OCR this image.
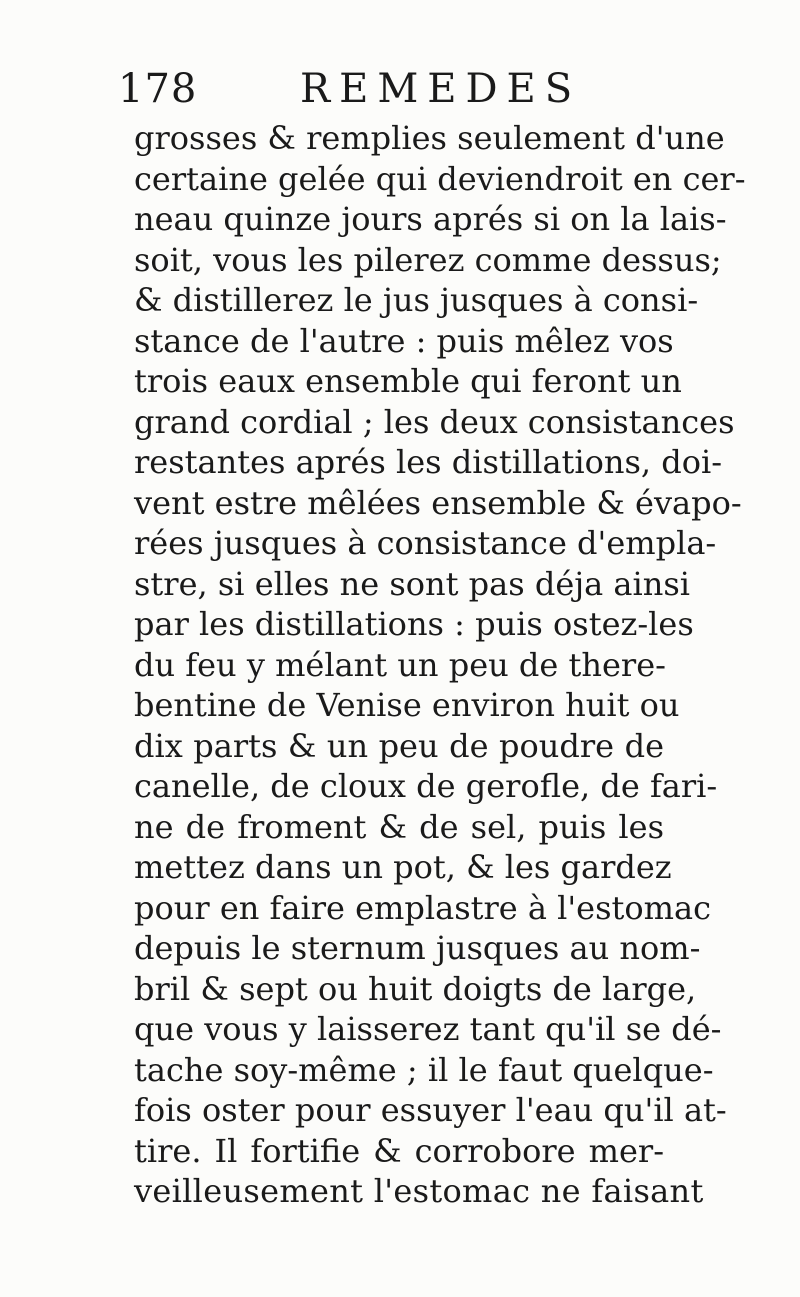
178	REMEDES
grosses & remplies seulement d'une
certaine gelée qui deviendroit en cer-
neau quinze jours aprés si on la lais-
soit, vous les pilerez comme dessus;
& distillerez le jus jusques à consi-
stance de l'autre : puis mêlez vos
trois eaux ensemble qui feront un
grand cordial ; les deux consistances
restantes aprés les distillations, doi-
vent estre mêlées ensemble & évapo-
rées jusques à consistance d'empla-
stre, si elles ne sont pas déja ainsi
par les distillations : puis ostez-les
du feu y mélant un peu de there-
bentine de Venise environ huit ou
dix parts & un peu de poudre de
canelle, de cloux de gerofle, de fari-
ne de froment & de sel, puis les
mettez dans un pot, & les gardez
pour en faire emplastre à l'estomac
depuis le sternum jusques au nom-
bril & sept ou huit doigts de large,
que vous y laisserez tant qu'il se dé-
tache soy-même ; il le faut quelque-
fois oster pour essuyer l'eau qu'il at-
tire. Il fortifie & corrobore mer-
veilleusement l'estomac ne faisant
